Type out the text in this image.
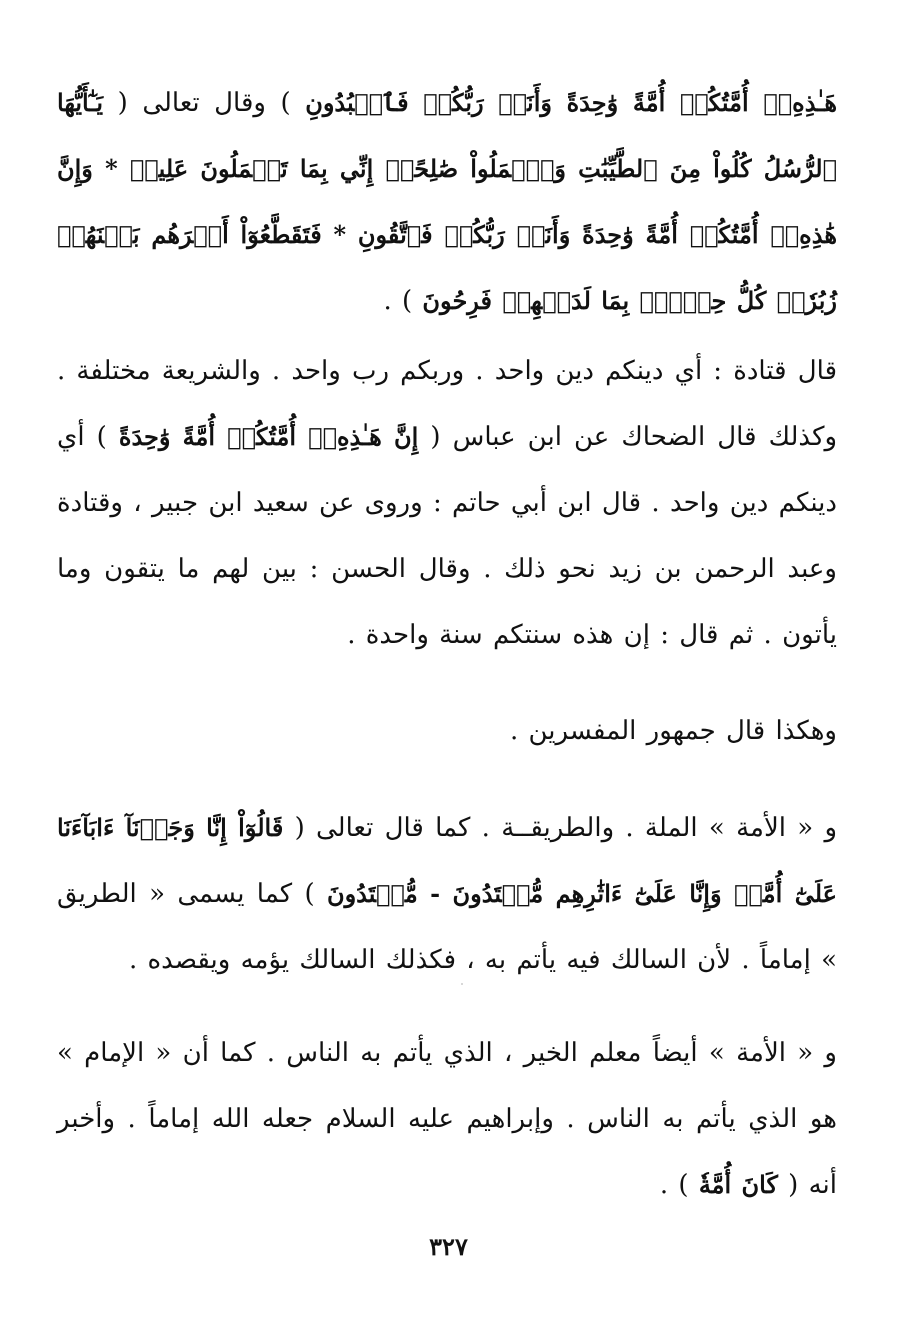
هَـٰذِهِۦٓ أُمَّتُكُمۡ أُمَّةً وَٰحِدَةً وَأَنَا۠ رَبُّكُمۡ فَٱعۡبُدُونِ ) وقال تعالى ( يَـٰٓأَيُّهَا ٱلرُّسُلُ كُلُواْ مِنَ ٱلطَّيِّبَٰتِ وَٱعۡمَلُواْ صَٰلِحًاۖ إِنِّي بِمَا تَعۡمَلُونَ عَلِيمٞ * وَإِنَّ هَٰذِهِۦٓ أُمَّتُكُمۡ أُمَّةً وَٰحِدَةً وَأَنَا۠ رَبُّكُمۡ فَٱتَّقُونِ * فَتَقَطَّعُوٓاْ أَمۡرَهُم بَيۡنَهُمۡ زُبُرٗاۖ كُلُّ حِزۡبِۭ بِمَا لَدَيۡهِمۡ فَرِحُونَ ) .
قال قتادة : أي دينكم دين واحد . وربكم رب واحد . والشريعة مختلفة . وكذلك قال الضحاك عن ابن عباس ( إِنَّ هَـٰذِهِۦٓ أُمَّتُكُمۡ أُمَّةً وَٰحِدَةً ) أي دينكم دين واحد . قال ابن أبي حاتم : وروى عن سعيد ابن جبير ، وقتادة وعبد الرحمن بن زيد نحو ذلك . وقال الحسن : بين لهم ما يتقون وما يأتون . ثم قال : إن هذه سنتكم سنة واحدة .
وهكذا قال جمهور المفسرين .
و « الأمة » الملة . والطريقــة . كما قال تعالى ( قَالُوٓاْ إِنَّا وَجَدۡنَآ ءَابَآءَنَا عَلَىٰٓ أُمَّةٖ وَإِنَّا عَلَىٰٓ ءَاثَٰرِهِم مُّهۡتَدُونَ - مُّقۡتَدُونَ ) كما يسمى « الطريق » إماماً . لأن السالك فيه يأتم به ، فكذلك السالك يؤمه ويقصده .
و « الأمة » أيضاً معلم الخير ، الذي يأتم به الناس . كما أن « الإمام » هو الذي يأتم به الناس . وإبراهيم عليه السلام جعله الله إماماً . وأخبر أنه ( كَانَ أُمَّةٗ ) .
٣٢٧
